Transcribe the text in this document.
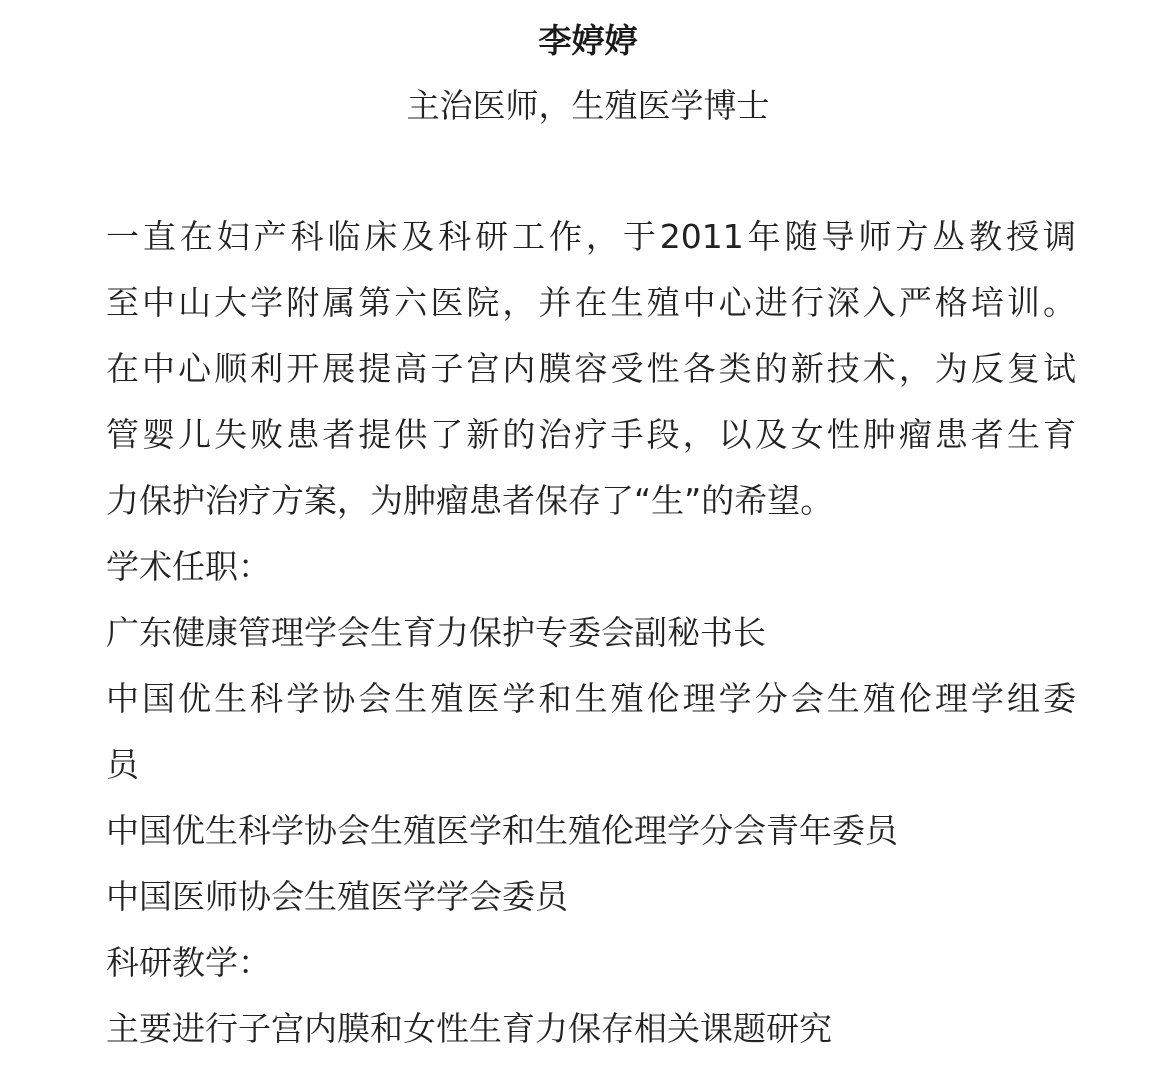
李婷婷
主治医师，生殖医学博士
一直在妇产科临床及科研工作，于2011年随导师方丛教授调
至中山大学附属第六医院，并在生殖中心进行深入严格培训。
在中心顺利开展提高子宫内膜容受性各类的新技术，为反复试
管婴儿失败患者提供了新的治疗手段，以及女性肿瘤患者生育
力保护治疗方案，为肿瘤患者保存了“生”的希望。
学术任职：
广东健康管理学会生育力保护专委会副秘书长
中国优生科学协会生殖医学和生殖伦理学分会生殖伦理学组委
员
中国优生科学协会生殖医学和生殖伦理学分会青年委员
中国医师协会生殖医学学会委员
科研教学：
主要进行子宫内膜和女性生育力保存相关课题研究
